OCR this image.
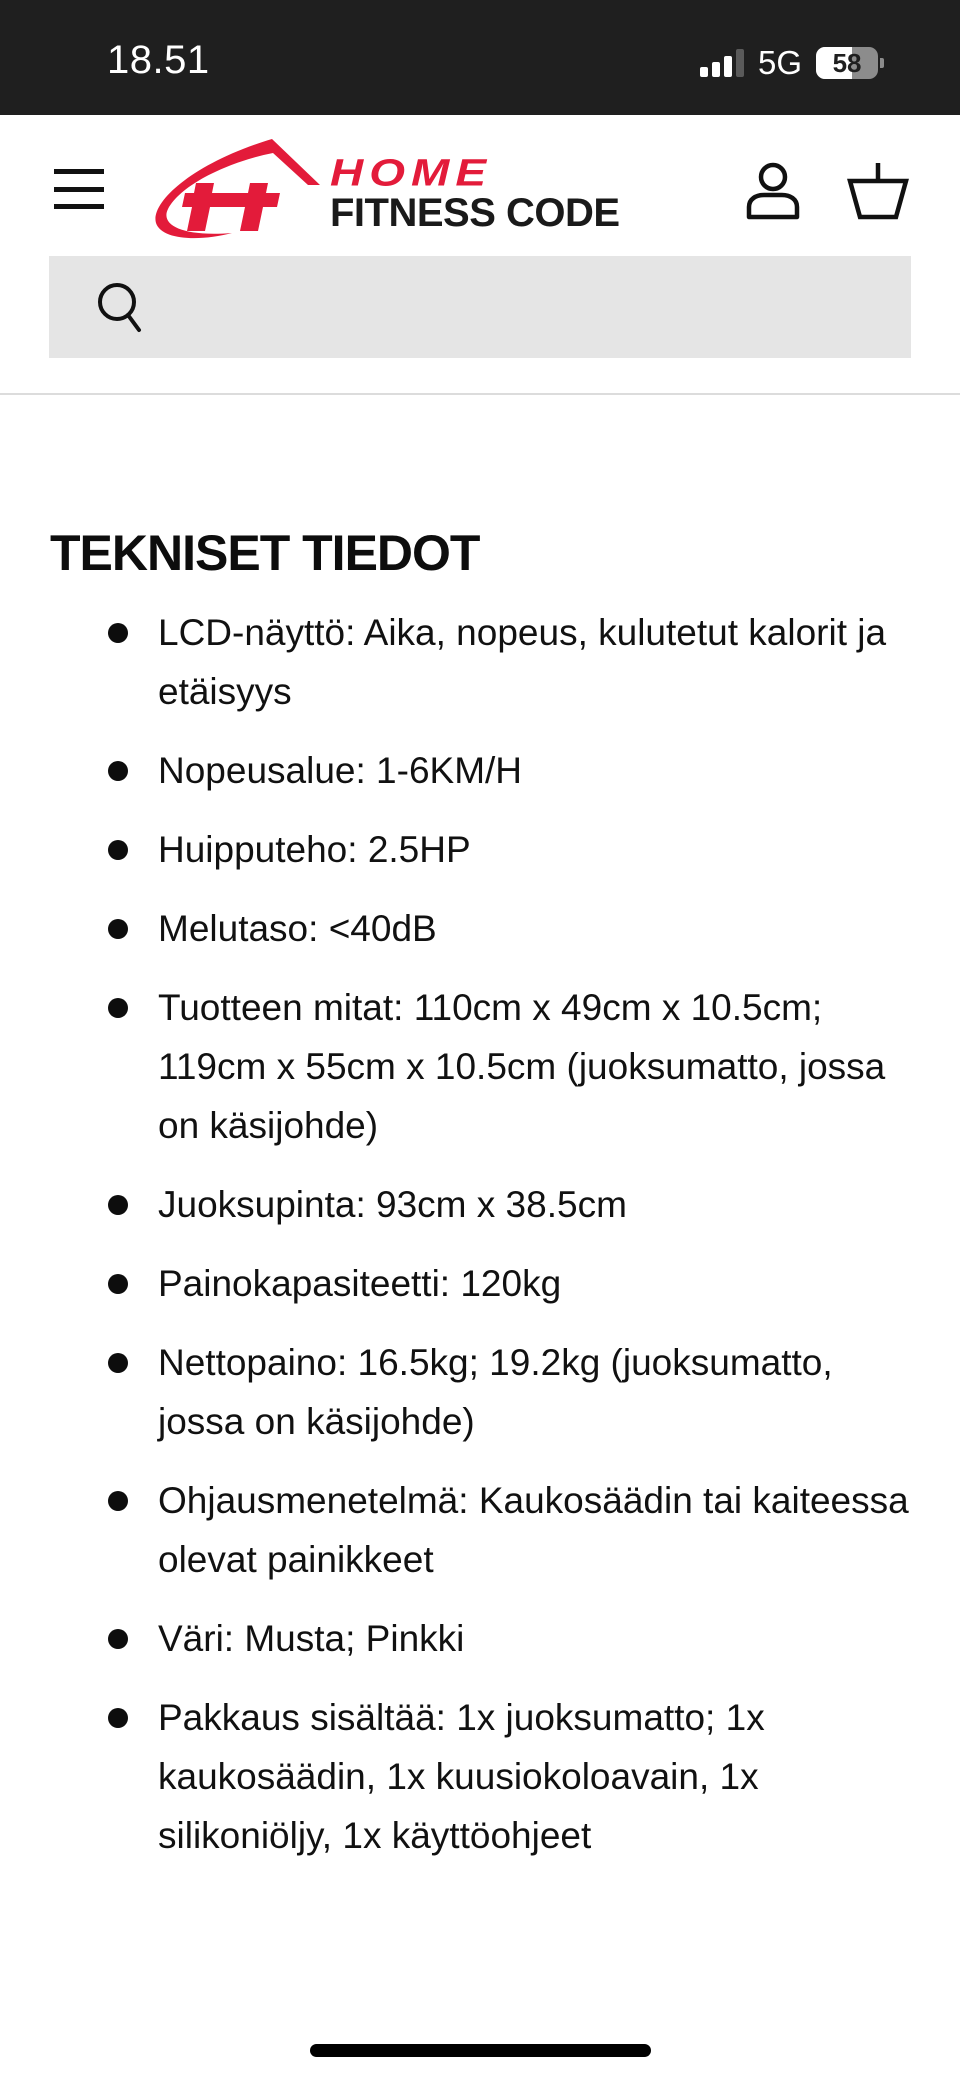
18.51	5G	58
HOME
FITNESS CODE
TEKNISET TIEDOT
LCD-näyttö: Aika, nopeus, kulutetut kalorit ja etäisyys
Nopeusalue: 1-6KM/H
Huipputeho: 2.5HP
Melutaso: <40dB
Tuotteen mitat: 110cm x 49cm x 10.5cm; 119cm x 55cm x 10.5cm (juoksumatto, jossa on käsijohde)
Juoksupinta: 93cm x 38.5cm
Painokapasiteetti: 120kg
Nettopaino: 16.5kg; 19.2kg (juoksumatto, jossa on käsijohde)
Ohjausmenetelmä: Kaukosäädin tai kaiteessa olevat painikkeet
Väri: Musta; Pinkki
Pakkaus sisältää: 1x juoksumatto; 1x kaukosäädin, 1x kuusiokoloavain, 1x silikoniöljy, 1x käyttöohjeet
